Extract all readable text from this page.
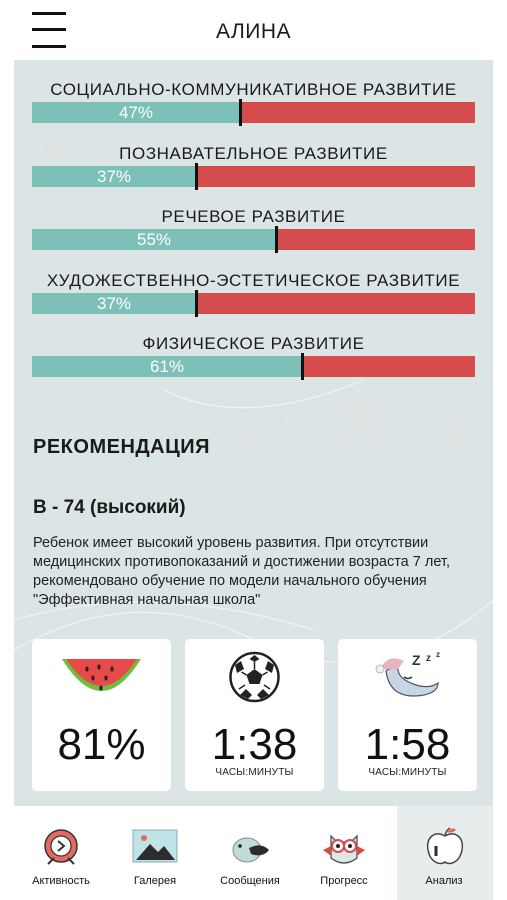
АЛИНА
СОЦИАЛЬНО-КОММУНИКАТИВНОЕ РАЗВИТИЕ
47%
ПОЗНАВАТЕЛЬНОЕ РАЗВИТИЕ
37%
РЕЧЕВОЕ РАЗВИТИЕ
55%
ХУДОЖЕСТВЕННО-ЭСТЕТИЧЕСКОЕ РАЗВИТИЕ
37%
ФИЗИЧЕСКОЕ РАЗВИТИЕ
61%
РЕКОМЕНДАЦИЯ
В - 74 (высокий)
Ребенок имеет высокий уровень развития. При отсутствии медицинских противопоказаний и достижении возраста 7 лет, рекомендовано обучение по модели начального обучения "Эффективная начальная школа"
81%	1:38
ЧАСЫ:МИНУТЫ
Z z z
1:58
ЧАСЫ:МИНУТЫ
Активность	Галерея	Сообщения	Прогресс	Анализ
